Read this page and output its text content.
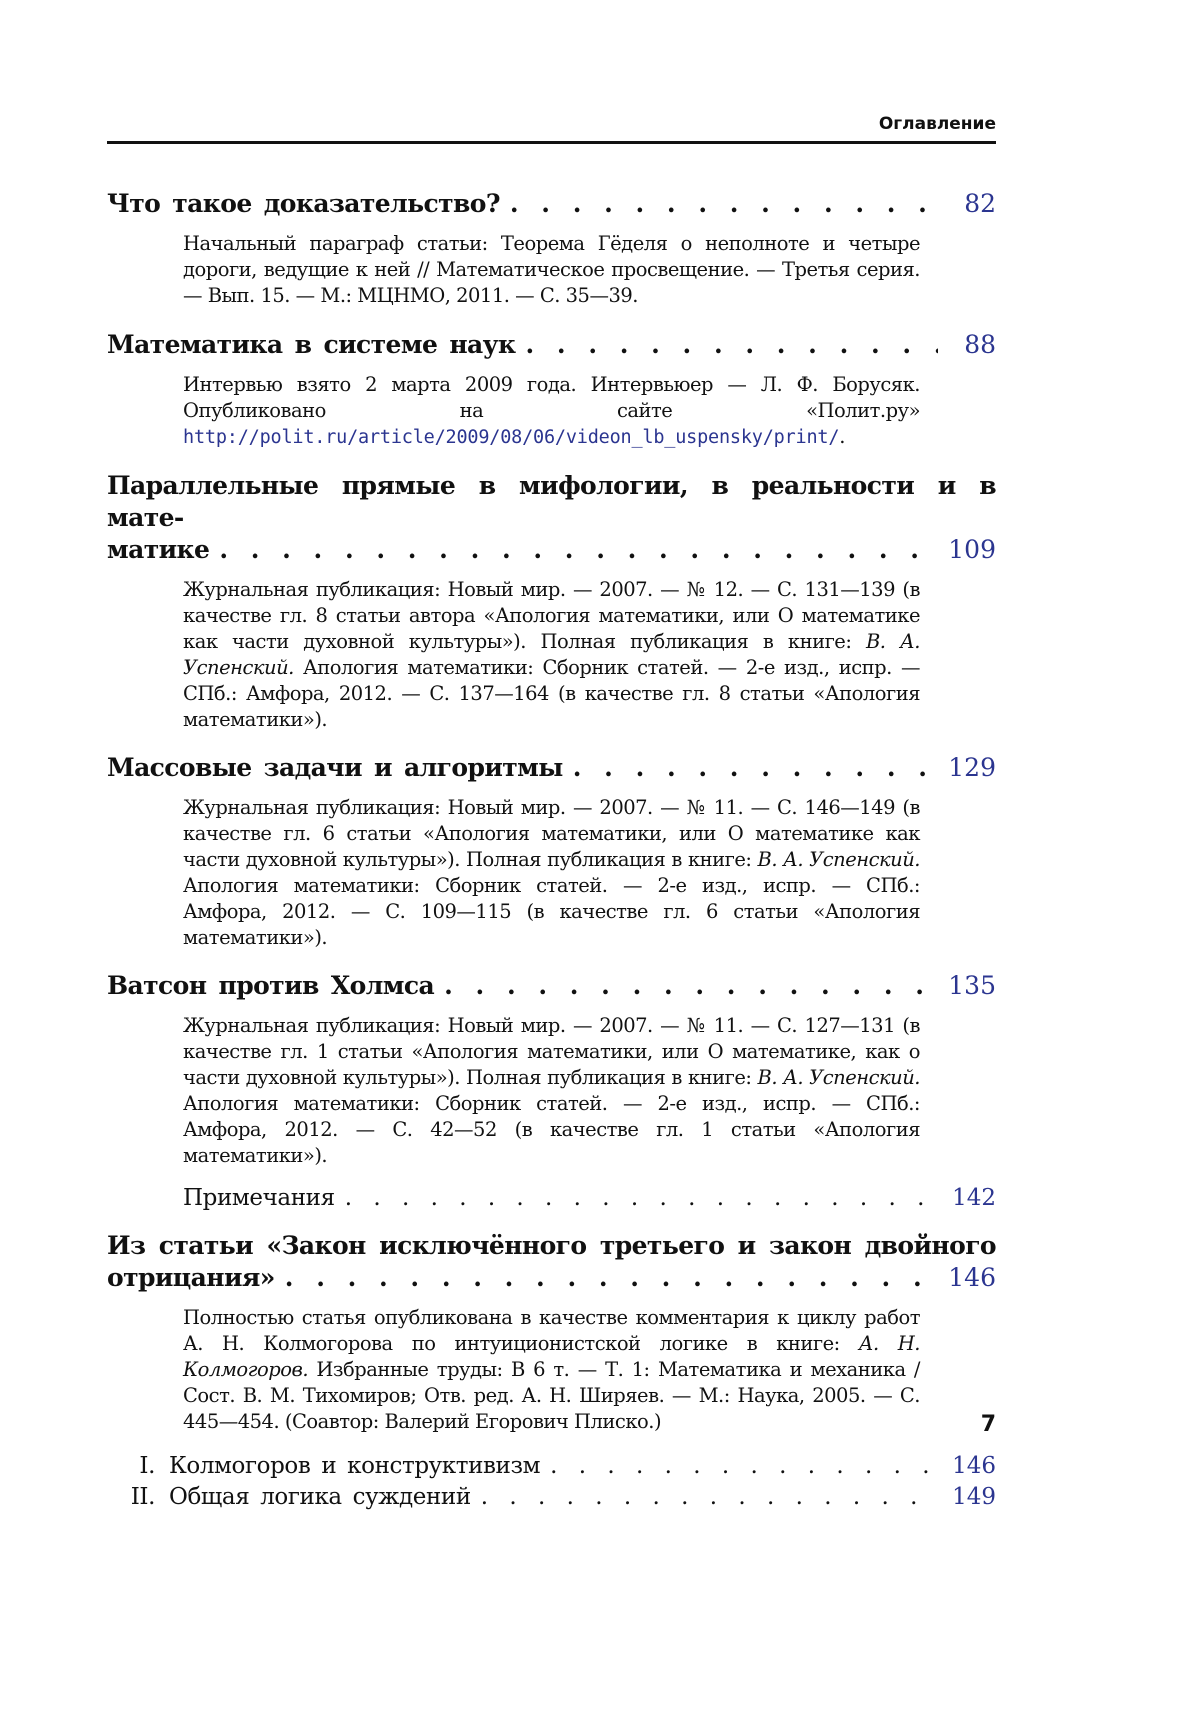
Оглавление
Что такое доказательство? . . . . . . . . . . . . . .	82
Начальный параграф статьи: Теорема Гёделя о неполноте и четыре дороги, ведущие к ней // Математическое просвещение. — Третья серия. — Вып. 15. — М.: МЦНМО, 2011. — С. 35—39.
Математика в системе наук . . . . . . . . . . . . .	88
Интервью взято 2 марта 2009 года. Интервьюер — Л. Ф. Борусяк. Опубликовано на сайте «Полит.ру» http://polit.ru/article/2009/08/06/videon_lb_uspensky/print/.
Параллельные прямые в мифологии, в реальности и в мате-
матике . . . . . . . . . . . . . . . . . . . . . . . 109
Журнальная публикация: Новый мир. — 2007. — № 12. — С. 131—139 (в качестве гл. 8 статьи автора «Апология математики, или О математике как части духовной культуры»). Полная публикация в книге: В. А. Успенский. Апология математики: Сборник статей. — 2-е изд., испр. — СПб.: Амфора, 2012. — С. 137—164 (в качестве гл. 8 статьи «Апология математики»).
Массовые задачи и алгоритмы . . . . . . . . . . .	129
Журнальная публикация: Новый мир. — 2007. — № 11. — С. 146—149 (в качестве гл. 6 статьи «Апология математики, или О математике как части духовной культуры»). Полная публикация в книге: В. А. Успенский. Апология математики: Сборник статей. — 2-е изд., испр. — СПб.: Амфора, 2012. — С. 109—115 (в качестве гл. 6 статьи «Апология математики»).
Ватсон против Холмса . . . . . . . . . . . . . . . . 135
Журнальная публикация: Новый мир. — 2007. — № 11. — С. 127—131 (в качестве гл. 1 статьи «Апология математики, или О математике, как о части духовной культуры»). Полная публикация в книге: В. А. Успенский. Апология математики: Сборник статей. — 2-е изд., испр. — СПб.: Амфора, 2012. — С. 42—52 (в качестве гл. 1 статьи «Апология математики»).
Примечания . . . . . . . . . . . . . . . . . . . . . 142
Из статьи «Закон исключённого третьего и закон двойного
отрицания» . . . . . . . . . . . . . . . . . . . . . 146
Полностью статья опубликована в качестве комментария к циклу работ А. Н. Колмогорова по интуиционистской логике в книге: А. Н. Колмогоров. Избранные труды: В 6 т. — Т. 1: Математика и механика / Сост. В. М. Тихомиров; Отв. ред. А. Н. Ширяев. — М.: Наука, 2005. — С. 445—454. (Соавтор: Валерий Егорович Плиско.)
I. Колмогоров и конструктивизм . . . . . . . . . . . . .	146
II. Общая логика суждений . . . . . . . . . . . . . . . .	149
7
